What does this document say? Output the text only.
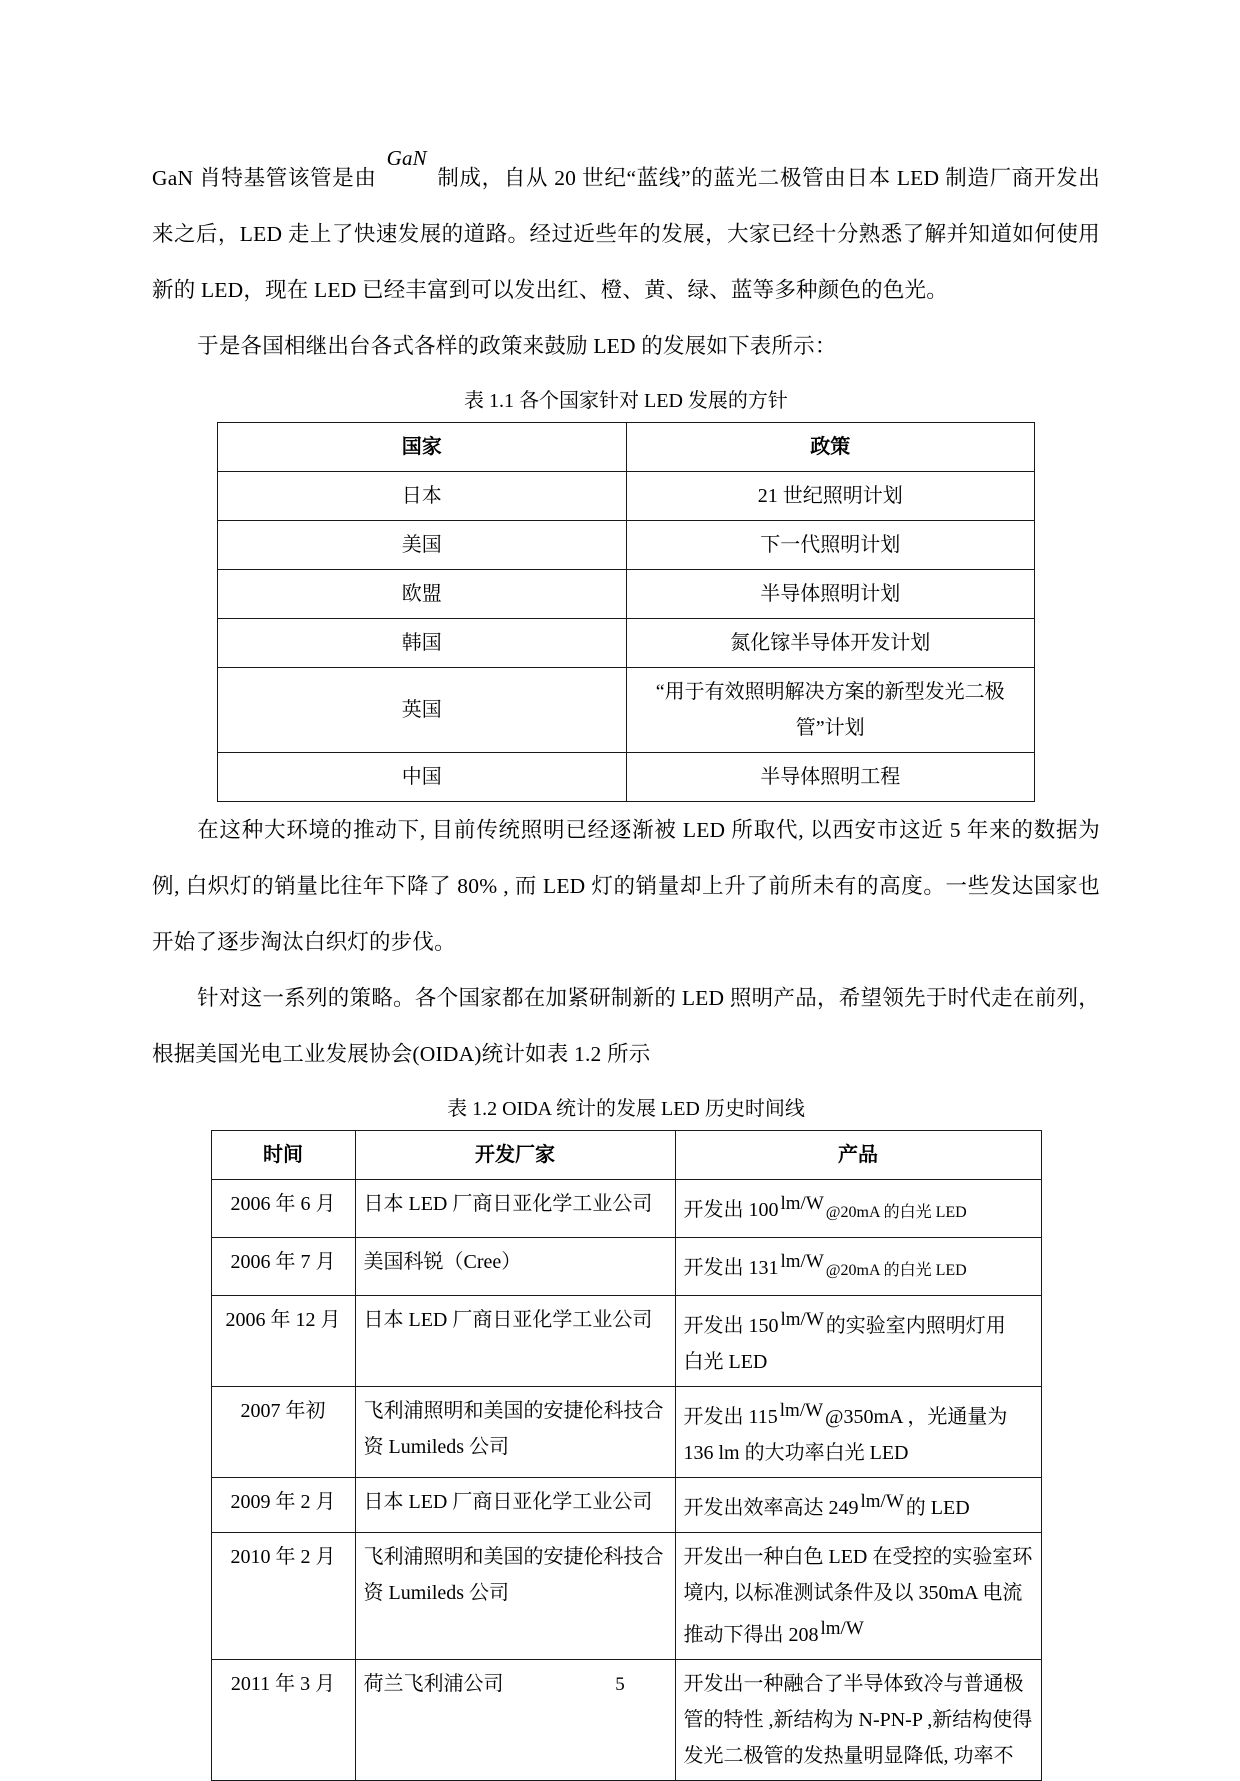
GaN 肖特基管该管是由GaN制成，自从 20 世纪“蓝线”的蓝光二极管由日本 LED 制造厂商开发出来之后，LED 走上了快速发展的道路。经过近些年的发展，大家已经十分熟悉了解并知道如何使用新的 LED，现在 LED 已经丰富到可以发出红、橙、黄、绿、蓝等多种颜色的色光。

于是各国相继出台各式各样的政策来鼓励 LED 的发展如下表所示：

表 1.1 各个国家针对 LED 发展的方针
国家	政策
日本	21 世纪照明计划
美国	下一代照明计划
欧盟	半导体照明计划
韩国	氮化镓半导体开发计划
英国	“用于有效照明解决方案的新型发光二极管”计划
中国	半导体照明工程

在这种大环境的推动下, 目前传统照明已经逐渐被 LED 所取代, 以西安市这近 5 年来的数据为例, 白炽灯的销量比往年下降了 80% , 而 LED 灯的销量却上升了前所未有的高度。一些发达国家也开始了逐步淘汰白织灯的步伐。

针对这一系列的策略。各个国家都在加紧研制新的 LED 照明产品，希望领先于时代走在前列，根据美国光电工业发展协会(OIDA)统计如表 1.2 所示

表 1.2 OIDA 统计的发展 LED 历史时间线
时间	开发厂家	产品
2006 年 6 月	日本 LED 厂商日亚化学工业公司	开发出 100 lm/W @20mA 的白光 LED
2006 年 7 月	美国科锐（Cree）	开发出 131 lm/W @20mA 的白光 LED
2006 年 12 月	日本 LED 厂商日亚化学工业公司	开发出 150 lm/W 的实验室内照明灯用
白光 LED
2007 年初	飞利浦照明和美国的安捷伦科技合资 Lumileds 公司	开发出 115 lm/W @350mA ，光通量为
136 lm 的大功率白光 LED
2009 年 2 月	日本 LED 厂商日亚化学工业公司	开发出效率高达 249 lm/W 的 LED
2010 年 2 月	飞利浦照明和美国的安捷伦科技合资 Lumileds 公司	开发出一种白色 LED 在受控的实验室环境内, 以标准测试条件及以 350mA 电流推动下得出 208 lm/W
2011 年 3 月	荷兰飞利浦公司	开发出一种融合了半导体致冷与普通极管的特性 ,新结构为 N-PN-P ,新结构使得发光二极管的发热量明显降低, 功率不
5
